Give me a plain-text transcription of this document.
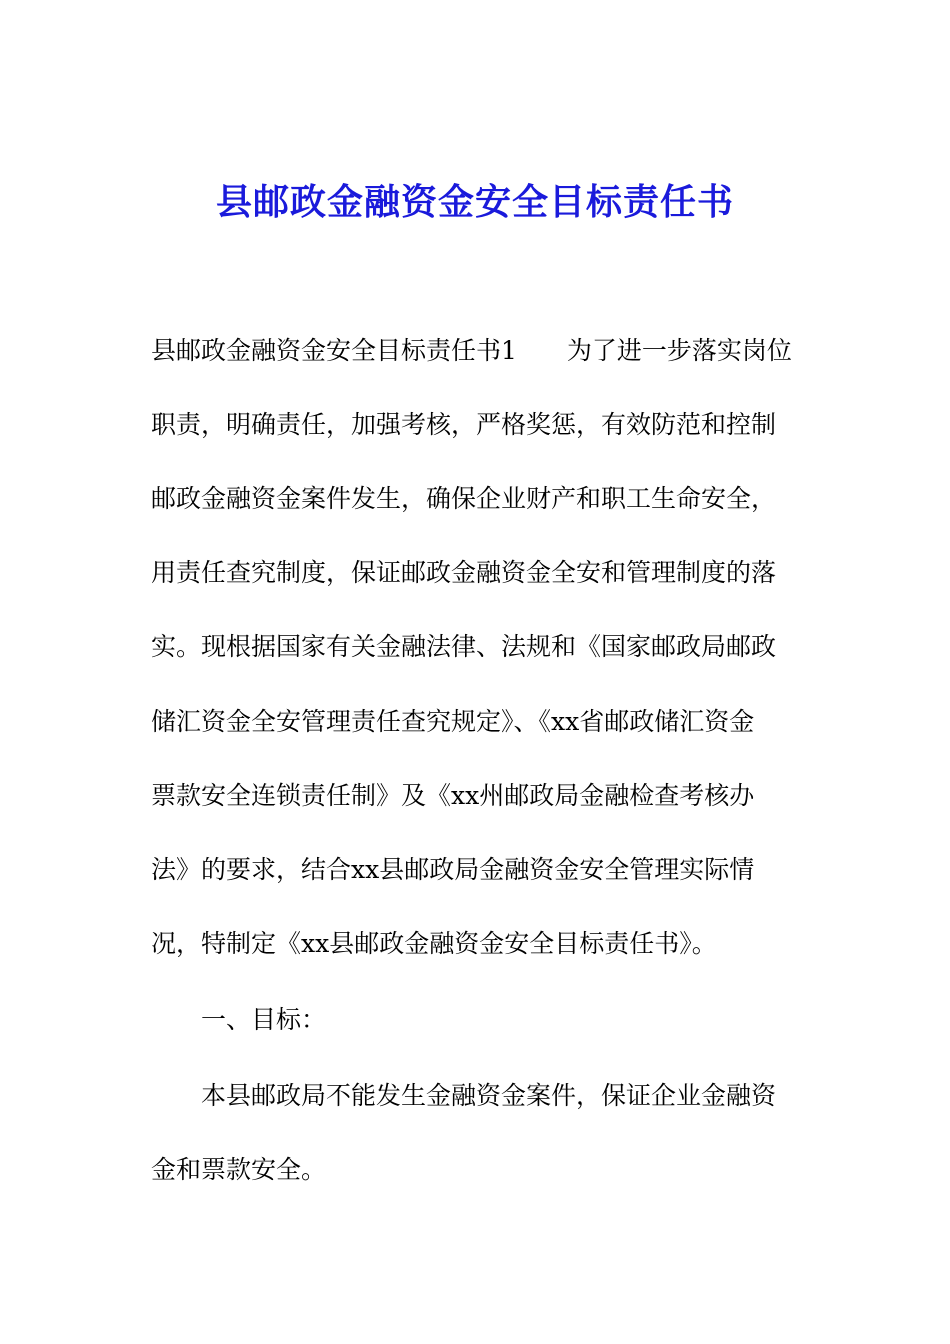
县邮政金融资金安全目标责任书

县邮政金融资金安全目标责任书1　　为了进一步落实岗位

职责，明确责任，加强考核，严格奖惩，有效防范和控制

邮政金融资金案件发生，确保企业财产和职工生命安全，

用责任查究制度，保证邮政金融资金全安和管理制度的落

实。现根据国家有关金融法律、法规和《国家邮政局邮政

储汇资金全安管理责任查究规定》、《xx省邮政储汇资金

票款安全连锁责任制》及《xx州邮政局金融检查考核办

法》的要求，结合xx县邮政局金融资金安全管理实际情

况，特制定《xx县邮政金融资金安全目标责任书》。

一、目标：

本县邮政局不能发生金融资金案件，保证企业金融资

金和票款安全。
